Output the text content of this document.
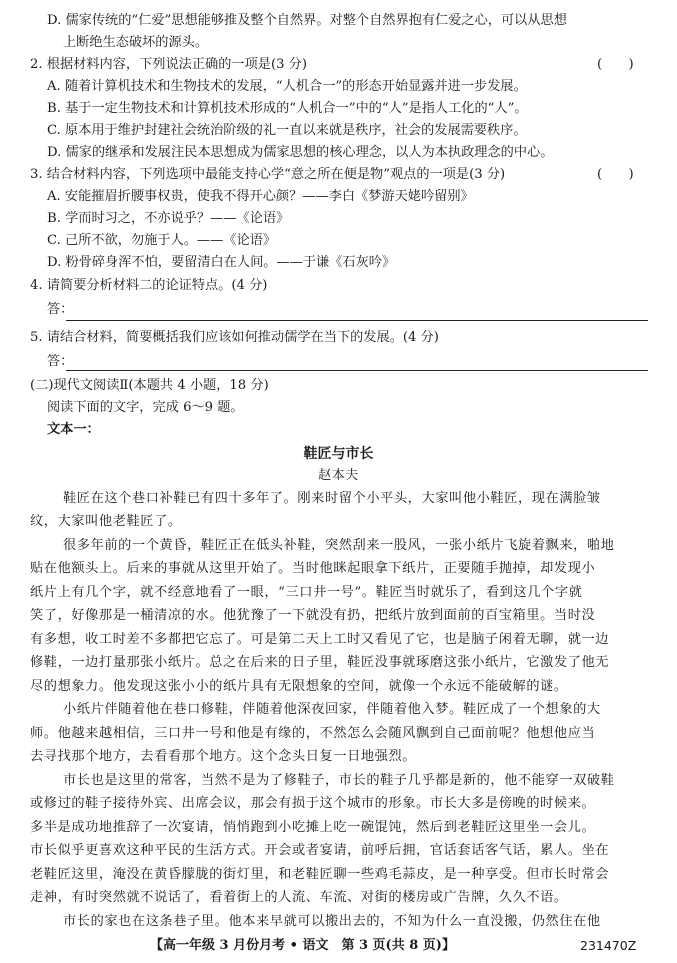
D. 儒家传统的“仁爱”思想能够推及整个自然界。对整个自然界抱有仁爱之心，可以从思想
上断绝生态破坏的源头。
2. 根据材料内容，下列说法正确的一项是(3 分)	(　　)
A. 随着计算机技术和生物技术的发展，“人机合一”的形态开始显露并进一步发展。
B. 基于一定生物技术和计算机技术形成的“人机合一”中的“人”是指人工化的“人”。
C. 原本用于维护封建社会统治阶级的礼一直以来就是秩序，社会的发展需要秩序。
D. 儒家的继承和发展注民本思想成为儒家思想的核心理念，以人为本执政理念的中心。
3. 结合材料内容，下列选项中最能支持心学“意之所在便是物”观点的一项是(3 分)	(　　)
A. 安能摧眉折腰事权贵，使我不得开心颜？——李白《梦游天姥吟留别》
B. 学而时习之，不亦说乎？——《论语》
C. 己所不欲，勿施于人。——《论语》
D. 粉骨碎身浑不怕，要留清白在人间。——于谦《石灰吟》
4. 请简要分析材料二的论证特点。(4 分)
答：
5. 请结合材料，简要概括我们应该如何推动儒学在当下的发展。(4 分)
答：
(二)现代文阅读Ⅱ(本题共 4 小题，18 分)
阅读下面的文字，完成 6～9 题。
文本一：
鞋匠与市长
赵本夫
鞋匠在这个巷口补鞋已有四十多年了。刚来时留个小平头，大家叫他小鞋匠，现在满脸皱
纹，大家叫他老鞋匠了。
很多年前的一个黄昏，鞋匠正在低头补鞋，突然刮来一股风，一张小纸片飞旋着飘来，啪地
贴在他额头上。后来的事就从这里开始了。当时他眯起眼拿下纸片，正要随手抛掉，却发现小
纸片上有几个字，就不经意地看了一眼，“三口井一号”。鞋匠当时就乐了，看到这几个字就
笑了，好像那是一桶清凉的水。他犹豫了一下就没有扔，把纸片放到面前的百宝箱里。当时没
有多想，收工时差不多都把它忘了。可是第二天上工时又看见了它，也是脑子闲着无聊，就一边
修鞋，一边打量那张小纸片。总之在后来的日子里，鞋匠没事就琢磨这张小纸片，它激发了他无
尽的想象力。他发现这张小小的纸片具有无限想象的空间，就像一个永远不能破解的谜。
小纸片伴随着他在巷口修鞋，伴随着他深夜回家，伴随着他入梦。鞋匠成了一个想象的大
师。他越来越相信，三口井一号和他是有缘的，不然怎么会随风飘到自己面前呢？他想他应当
去寻找那个地方，去看看那个地方。这个念头日复一日地强烈。
市长也是这里的常客，当然不是为了修鞋子，市长的鞋子几乎都是新的，他不能穿一双破鞋
或修过的鞋子接待外宾、出席会议，那会有损于这个城市的形象。市长大多是傍晚的时候来。
多半是成功地推辞了一次宴请，悄悄跑到小吃摊上吃一碗馄饨，然后到老鞋匠这里坐一会儿。
市长似乎更喜欢这种平民的生活方式。开会或者宴请，前呼后拥，官话套话客气话，累人。坐在
老鞋匠这里，淹没在黄昏朦胧的街灯里，和老鞋匠聊一些鸡毛蒜皮，是一种享受。但市长时常会
走神，有时突然就不说话了，看着街上的人流、车流、对街的楼房或广告牌，久久不语。
市长的家也在这条巷子里。他本来早就可以搬出去的，不知为什么一直没搬，仍然住在他
【高一年级 3 月份月考 • 语文　第 3 页(共 8 页)】	231470Z
